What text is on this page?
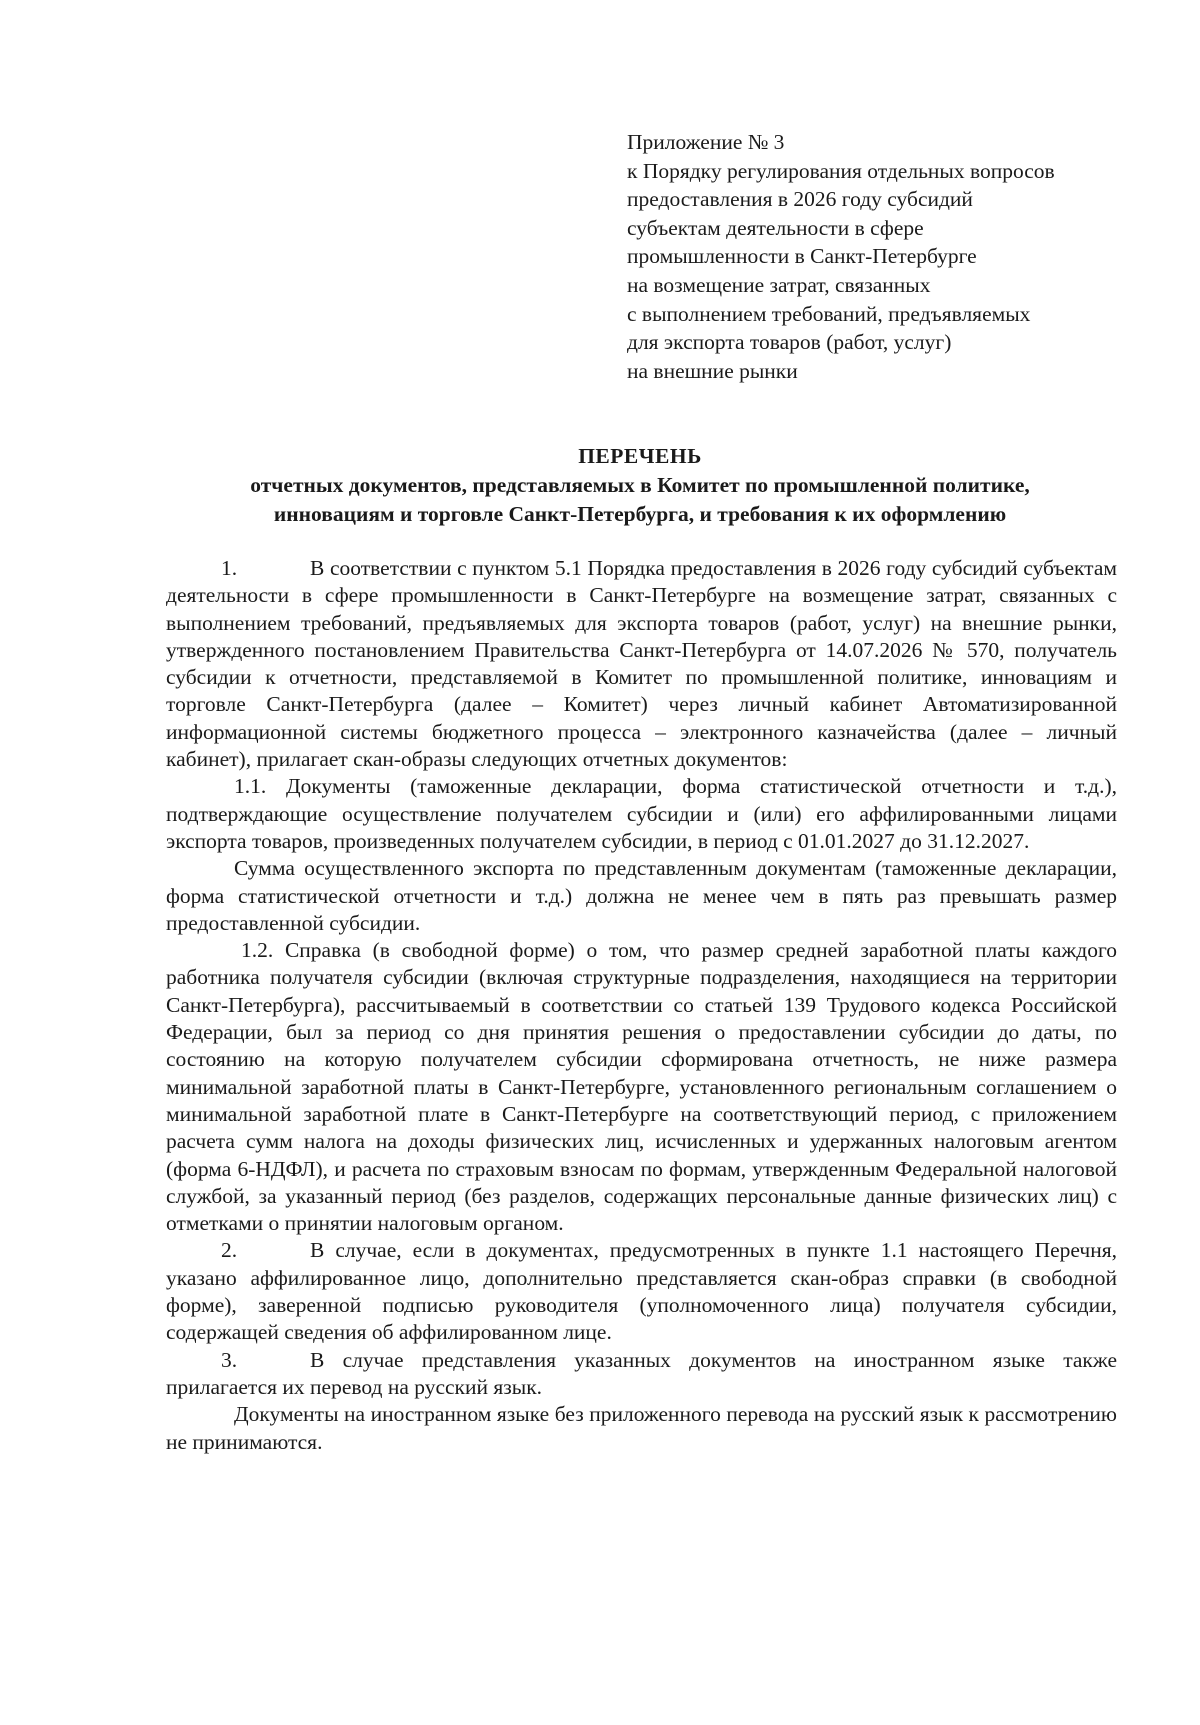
Приложение № 3
к Порядку регулирования отдельных вопросов
предоставления в 2026 году субсидий
субъектам деятельности в сфере
промышленности в Санкт-Петербурге
на возмещение затрат, связанных
с выполнением требований, предъявляемых
для экспорта товаров (работ, услуг)
на внешние рынки
ПЕРЕЧЕНЬ
отчетных документов, представляемых в Комитет по промышленной политике,
инновациям и торговле Санкт-Петербурга, и требования к их оформлению

1.	В соответствии с пунктом 5.1 Порядка предоставления в 2026 году субсидий субъектам деятельности в сфере промышленности в Санкт-Петербурге на возмещение затрат, связанных с выполнением требований, предъявляемых для экспорта товаров (работ, услуг) на внешние рынки, утвержденного постановлением Правительства Санкт-Петербурга от 14.07.2026 № 570, получатель субсидии к отчетности, представляемой в Комитет по промышленной политике, инновациям и торговле Санкт-Петербурга (далее – Комитет) через личный кабинет Автоматизированной информационной системы бюджетного процесса – электронного казначейства (далее – личный кабинет), прилагает скан-образы следующих отчетных документов:

1.1. Документы (таможенные декларации, форма статистической отчетности и т.д.), подтверждающие осуществление получателем субсидии и (или) его аффилированными лицами экспорта товаров, произведенных получателем субсидии, в период с 01.01.2027 до 31.12.2027.

Сумма осуществленного экспорта по представленным документам (таможенные декларации, форма статистической отчетности и т.д.) должна не менее чем в пять раз превышать размер предоставленной субсидии.

1.2. Справка (в свободной форме) о том, что размер средней заработной платы каждого работника получателя субсидии (включая структурные подразделения, находящиеся на территории Санкт-Петербурга), рассчитываемый в соответствии со статьей 139 Трудового кодекса Российской Федерации, был за период со дня принятия решения о предоставлении субсидии до даты, по состоянию на которую получателем субсидии сформирована отчетность, не ниже размера минимальной заработной платы в Санкт-Петербурге, установленного региональным соглашением о минимальной заработной плате в Санкт-Петербурге на соответствующий период, с приложением расчета сумм налога на доходы физических лиц, исчисленных и удержанных налоговым агентом (форма 6-НДФЛ), и расчета по страховым взносам по формам, утвержденным Федеральной налоговой службой, за указанный период (без разделов, содержащих персональные данные физических лиц) с отметками о принятии налоговым органом.

2.	В случае, если в документах, предусмотренных в пункте 1.1 настоящего Перечня, указано аффилированное лицо, дополнительно представляется скан-образ справки (в свободной форме), заверенной подписью руководителя (уполномоченного лица) получателя субсидии, содержащей сведения об аффилированном лице.

3.	В случае представления указанных документов на иностранном языке также прилагается их перевод на русский язык.

Документы на иностранном языке без приложенного перевода на русский язык к рассмотрению не принимаются.
